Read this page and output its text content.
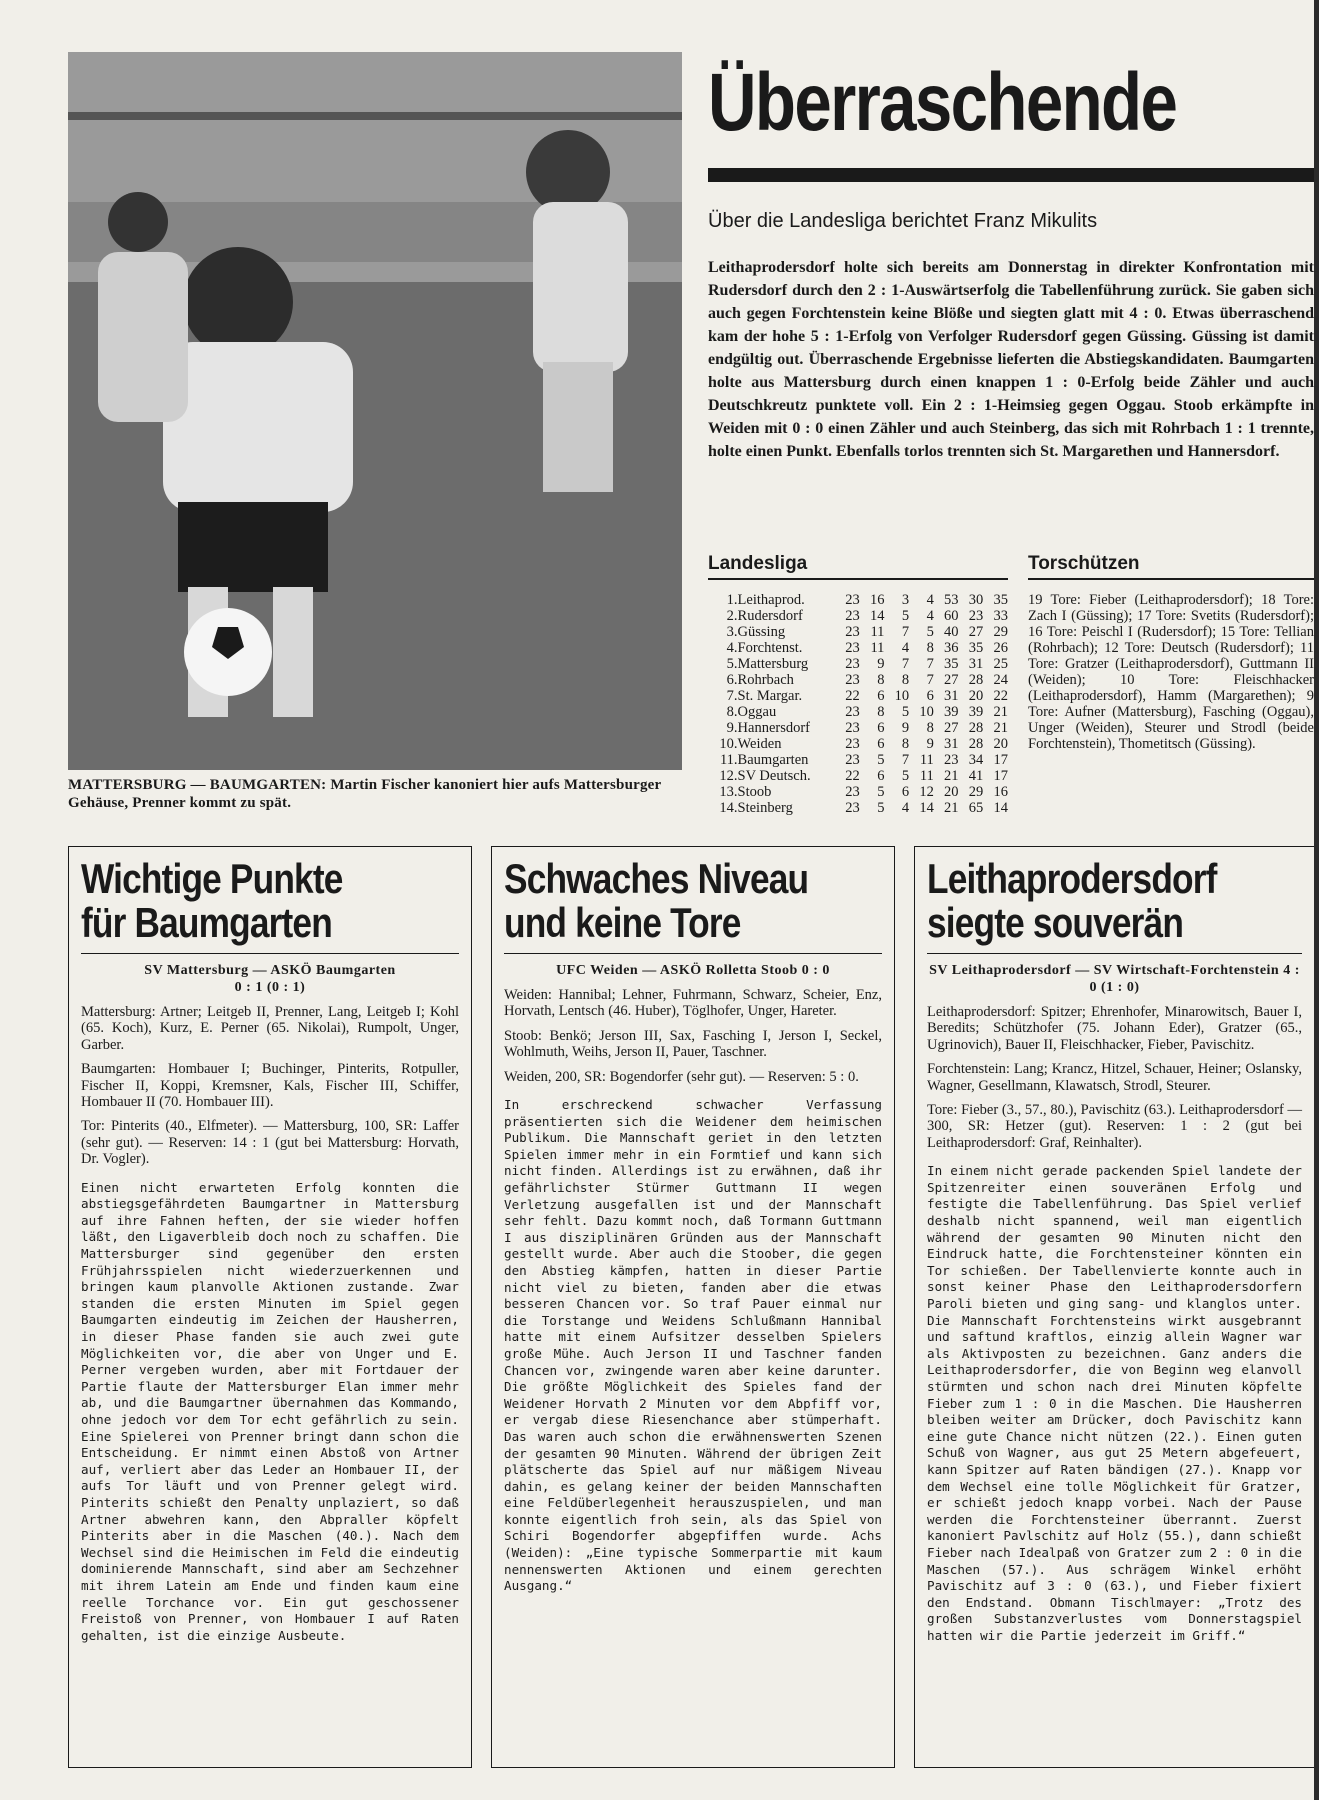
MATTERSBURG — BAUMGARTEN: Martin Fischer kanoniert hier aufs Mattersburger Gehäuse, Prenner kommt zu spät.
Überraschende
Über die Landesliga berichtet Franz Mikulits
Leithaprodersdorf holte sich bereits am Donnerstag in direkter Konfrontation mit Rudersdorf durch den 2 : 1-Auswärtserfolg die Tabellenführung zurück. Sie gaben sich auch gegen Forchtenstein keine Blöße und siegten glatt mit 4 : 0. Etwas überraschend kam der hohe 5 : 1-Erfolg von Verfolger Rudersdorf gegen Güssing. Güssing ist damit endgültig out. Überraschende Ergebnisse lieferten die Abstiegskandidaten. Baumgarten holte aus Mattersburg durch einen knappen 1 : 0-Erfolg beide Zähler und auch Deutschkreutz punktete voll. Ein 2 : 1-Heimsieg gegen Oggau. Stoob erkämpfte in Weiden mit 0 : 0 einen Zähler und auch Steinberg, das sich mit Rohrbach 1 : 1 trennte, holte einen Punkt. Ebenfalls torlos trennten sich St. Margarethen und Hannersdorf.
Landesliga
1.	Leithaprod.	23	16	3	4	53	30	35
2.	Rudersdorf	23	14	5	4	60	23	33
3.	Güssing	23	11	7	5	40	27	29
4.	Forchtenst.	23	11	4	8	36	35	26
5.	Mattersburg	23	9	7	7	35	31	25
6.	Rohrbach	23	8	8	7	27	28	24
7.	St. Margar.	22	6	10	6	31	20	22
8.	Oggau	23	8	5	10	39	39	21
9.	Hannersdorf	23	6	9	8	27	28	21
10.	Weiden	23	6	8	9	31	28	20
11.	Baumgarten	23	5	7	11	23	34	17
12.	SV Deutsch.	22	6	5	11	21	41	17
13.	Stoob	23	5	6	12	20	29	16
14.	Steinberg	23	5	4	14	21	65	14
Torschützen
19 Tore: Fieber (Leithaprodersdorf); 18 Tore: Zach I (Güssing); 17 Tore: Svetits (Rudersdorf); 16 Tore: Peischl I (Rudersdorf); 15 Tore: Tellian (Rohrbach); 12 Tore: Deutsch (Rudersdorf); 11 Tore: Gratzer (Leithaprodersdorf), Guttmann II (Weiden); 10 Tore: Fleischhacker (Leithaprodersdorf), Hamm (Margarethen); 9 Tore: Aufner (Mattersburg), Fasching (Oggau), Unger (Weiden), Steurer und Strodl (beide Forchtenstein), Thometitsch (Güssing).
Wichtige Punkte
für Baumgarten
SV Mattersburg — ASKÖ Baumgarten
0 : 1 (0 : 1)

Mattersburg: Artner; Leitgeb II, Prenner, Lang, Leitgeb I; Kohl (65. Koch), Kurz, E. Perner (65. Nikolai), Rumpolt, Unger, Garber.

Baumgarten: Hombauer I; Buchinger, Pinterits, Rotpuller, Fischer II, Koppi, Kremsner, Kals, Fischer III, Schiffer, Hombauer II (70. Hombauer III).

Tor: Pinterits (40., Elfmeter). — Mattersburg, 100, SR: Laffer (sehr gut). — Reserven: 14 : 1 (gut bei Mattersburg: Horvath, Dr. Vogler).

Einen nicht erwarteten Erfolg konnten die abstiegsgefährdeten Baumgartner in Mattersburg auf ihre Fahnen heften, der sie wieder hoffen läßt, den Ligaverbleib doch noch zu schaffen. Die Mattersburger sind gegenüber den ersten Frühjahrsspielen nicht wiederzuerkennen und bringen kaum planvolle Aktionen zustande. Zwar standen die ersten Minuten im Spiel gegen Baumgarten eindeutig im Zeichen der Hausherren, in dieser Phase fanden sie auch zwei gute Möglichkeiten vor, die aber von Unger und E. Perner vergeben wurden, aber mit Fortdauer der Partie flaute der Mattersburger Elan immer mehr ab, und die Baumgartner übernahmen das Kommando, ohne jedoch vor dem Tor echt gefährlich zu sein. Eine Spielerei von Prenner bringt dann schon die Entscheidung. Er nimmt einen Abstoß von Artner auf, verliert aber das Leder an Hombauer II, der aufs Tor läuft und von Prenner gelegt wird. Pinterits schießt den Penalty unplaziert, so daß Artner abwehren kann, den Abpraller köpfelt Pinterits aber in die Maschen (40.). Nach dem Wechsel sind die Heimischen im Feld die eindeutig dominierende Mannschaft, sind aber am Sechzehner mit ihrem Latein am Ende und finden kaum eine reelle Torchance vor. Ein gut geschossener Freistoß von Prenner, von Hombauer I auf Raten gehalten, ist die einzige Ausbeute.

Schwaches Niveau
und keine Tore
UFC Weiden — ASKÖ Rolletta Stoob 0 : 0

Weiden: Hannibal; Lehner, Fuhrmann, Schwarz, Scheier, Enz, Horvath, Lentsch (46. Huber), Töglhofer, Unger, Hareter.

Stoob: Benkö; Jerson III, Sax, Fasching I, Jerson I, Seckel, Wohlmuth, Weihs, Jerson II, Pauer, Taschner.

Weiden, 200, SR: Bogendorfer (sehr gut). — Reserven: 5 : 0.

In erschreckend schwacher Verfassung präsentierten sich die Weidener dem heimischen Publikum. Die Mannschaft geriet in den letzten Spielen immer mehr in ein Formtief und kann sich nicht finden. Allerdings ist zu erwähnen, daß ihr gefährlichster Stürmer Guttmann II wegen Verletzung ausgefallen ist und der Mannschaft sehr fehlt. Dazu kommt noch, daß Tormann Guttmann I aus disziplinären Gründen aus der Mannschaft gestellt wurde. Aber auch die Stoober, die gegen den Abstieg kämpfen, hatten in dieser Partie nicht viel zu bieten, fanden aber die etwas besseren Chancen vor. So traf Pauer einmal nur die Torstange und Weidens Schlußmann Hannibal hatte mit einem Aufsitzer desselben Spielers große Mühe. Auch Jerson II und Taschner fanden Chancen vor, zwingende waren aber keine darunter. Die größte Möglichkeit des Spieles fand der Weidener Horvath 2 Minuten vor dem Abpfiff vor, er vergab diese Riesenchance aber stümperhaft. Das waren auch schon die erwähnenswerten Szenen der gesamten 90 Minuten. Während der übrigen Zeit plätscherte das Spiel auf nur mäßigem Niveau dahin, es gelang keiner der beiden Mannschaften eine Feldüberlegenheit herauszuspielen, und man konnte eigentlich froh sein, als das Spiel von Schiri Bogendorfer abgepfiffen wurde. Achs (Weiden): „Eine typische Sommerpartie mit kaum nennenswerten Aktionen und einem gerechten Ausgang.“

Leithaprodersdorf
siegte souverän
SV Leithaprodersdorf — SV Wirtschaft-Forchtenstein 4 : 0 (1 : 0)

Leithaprodersdorf: Spitzer; Ehrenhofer, Minarowitsch, Bauer I, Beredits; Schützhofer (75. Johann Eder), Gratzer (65., Ugrinovich), Bauer II, Fleischhacker, Fieber, Pavischitz.

Forchtenstein: Lang; Krancz, Hitzel, Schauer, Heiner; Oslansky, Wagner, Gesellmann, Klawatsch, Strodl, Steurer.

Tore: Fieber (3., 57., 80.), Pavischitz (63.). Leithaprodersdorf — 300, SR: Hetzer (gut). Reserven: 1 : 2 (gut bei Leithaprodersdorf: Graf, Reinhalter).

In einem nicht gerade packenden Spiel landete der Spitzenreiter einen souveränen Erfolg und festigte die Tabellenführung. Das Spiel verlief deshalb nicht spannend, weil man eigentlich während der gesamten 90 Minuten nicht den Eindruck hatte, die Forchtensteiner könnten ein Tor schießen. Der Tabellenvierte konnte auch in sonst keiner Phase den Leithaprodersdorfern Paroli bieten und ging sang- und klanglos unter. Die Mannschaft Forchtensteins wirkt ausgebrannt und saftund kraftlos, einzig allein Wagner war als Aktivposten zu bezeichnen. Ganz anders die Leithaprodersdorfer, die von Beginn weg elanvoll stürmten und schon nach drei Minuten köpfelte Fieber zum 1 : 0 in die Maschen. Die Hausherren bleiben weiter am Drücker, doch Pavischitz kann eine gute Chance nicht nützen (22.). Einen guten Schuß von Wagner, aus gut 25 Metern abgefeuert, kann Spitzer auf Raten bändigen (27.). Knapp vor dem Wechsel eine tolle Möglichkeit für Gratzer, er schießt jedoch knapp vorbei. Nach der Pause werden die Forchtensteiner überrannt. Zuerst kanoniert Pavlschitz auf Holz (55.), dann schießt Fieber nach Idealpaß von Gratzer zum 2 : 0 in die Maschen (57.). Aus schrägem Winkel erhöht Pavischitz auf 3 : 0 (63.), und Fieber fixiert den Endstand. Obmann Tischlmayer: „Trotz des großen Substanzverlustes vom Donnerstagspiel hatten wir die Partie jederzeit im Griff.“
